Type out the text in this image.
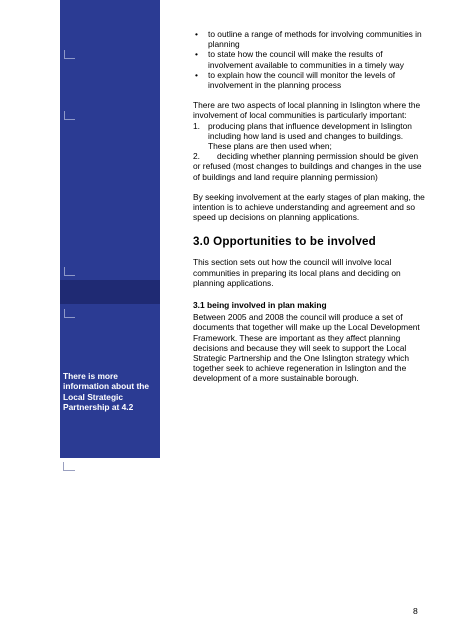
There is more information about the Local Strategic Partnership at 4.2
• to outline a range of methods for involving communities in planning
• to state how the council will make the results of involvement available to communities in a timely way
• to explain how the council will monitor the levels of involvement in the planning process

There are two aspects of local planning in Islington where the involvement of local communities is particularly important:

1. producing plans that influence development in Islington including how land is used and changes to buildings. These plans are then used when;
2. deciding whether planning permission should be given or refused (most changes to buildings and changes in the use of buildings and land require planning permission)

By seeking involvement at the early stages of plan making, the intention is to achieve understanding and agreement and so speed up decisions on planning applications.

3.0 Opportunities to be involved

This section sets out how the council will involve local communities in preparing its local plans and deciding on planning applications.

3.1 being involved in plan making

Between 2005 and 2008 the council will produce a set of documents that together will make up the Local Development Framework. These are important as they affect planning decisions and because they will seek to support the Local Strategic Partnership and the One Islington strategy which together seek to achieve regeneration in Islington and the development of a more sustainable borough.

8
